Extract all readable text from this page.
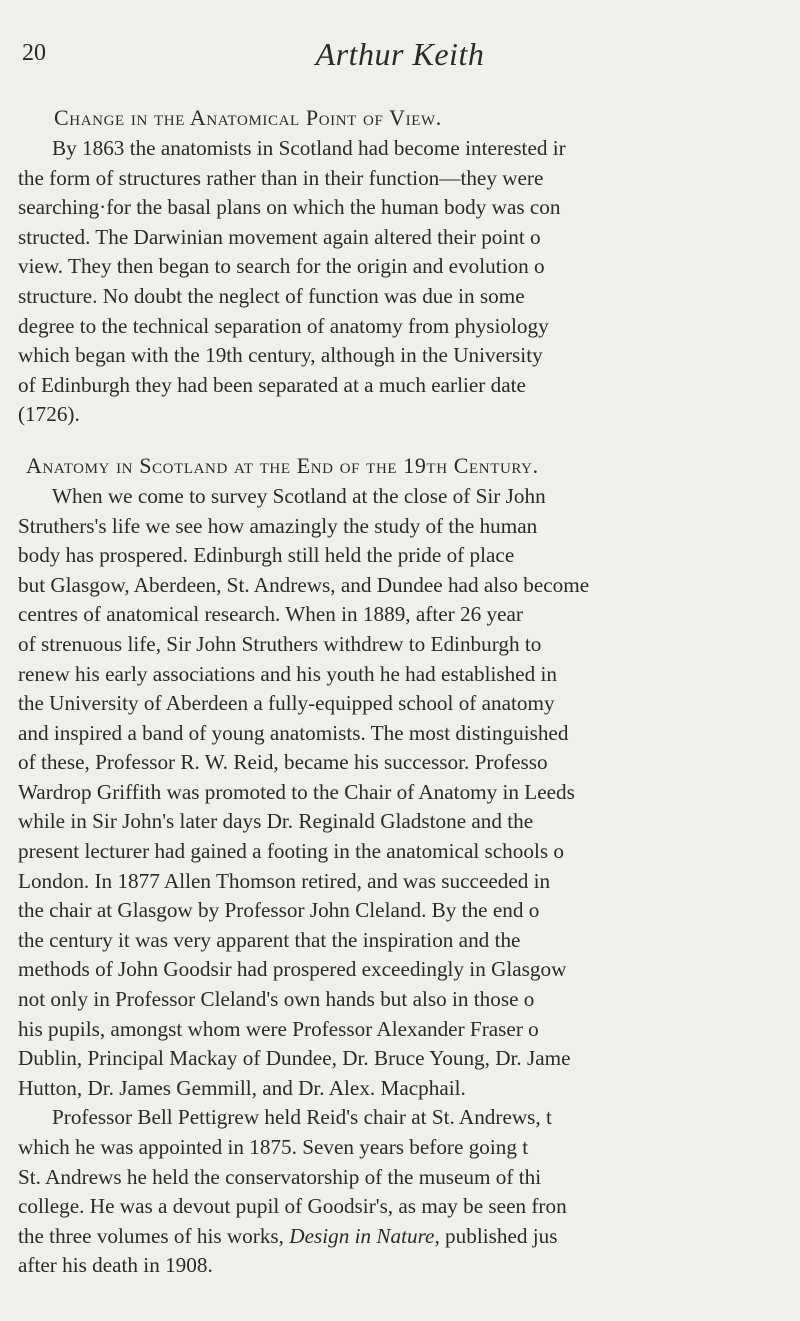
20	Arthur Keith
Change in the Anatomical Point of View.
By 1863 the anatomists in Scotland had become interested ir
the form of structures rather than in their function—they were
searching·for the basal plans on which the human body was con
structed. The Darwinian movement again altered their point o
view. They then began to search for the origin and evolution o
structure. No doubt the neglect of function was due in some
degree to the technical separation of anatomy from physiology
which began with the 19th century, although in the University
of Edinburgh they had been separated at a much earlier date
(1726).
Anatomy in Scotland at the End of the 19th Century.
When we come to survey Scotland at the close of Sir John
Struthers's life we see how amazingly the study of the human
body has prospered. Edinburgh still held the pride of place
but Glasgow, Aberdeen, St. Andrews, and Dundee had also become
centres of anatomical research. When in 1889, after 26 year
of strenuous life, Sir John Struthers withdrew to Edinburgh to
renew his early associations and his youth he had established in
the University of Aberdeen a fully-equipped school of anatomy
and inspired a band of young anatomists. The most distinguished
of these, Professor R. W. Reid, became his successor. Professo
Wardrop Griffith was promoted to the Chair of Anatomy in Leeds
while in Sir John's later days Dr. Reginald Gladstone and the
present lecturer had gained a footing in the anatomical schools o
London. In 1877 Allen Thomson retired, and was succeeded in
the chair at Glasgow by Professor John Cleland. By the end o
the century it was very apparent that the inspiration and the
methods of John Goodsir had prospered exceedingly in Glasgow
not only in Professor Cleland's own hands but also in those o
his pupils, amongst whom were Professor Alexander Fraser o
Dublin, Principal Mackay of Dundee, Dr. Bruce Young, Dr. Jame
Hutton, Dr. James Gemmill, and Dr. Alex. Macphail.
Professor Bell Pettigrew held Reid's chair at St. Andrews, t
which he was appointed in 1875. Seven years before going t
St. Andrews he held the conservatorship of the museum of thi
college. He was a devout pupil of Goodsir's, as may be seen fron
the three volumes of his works, Design in Nature, published jus
after his death in 1908.
